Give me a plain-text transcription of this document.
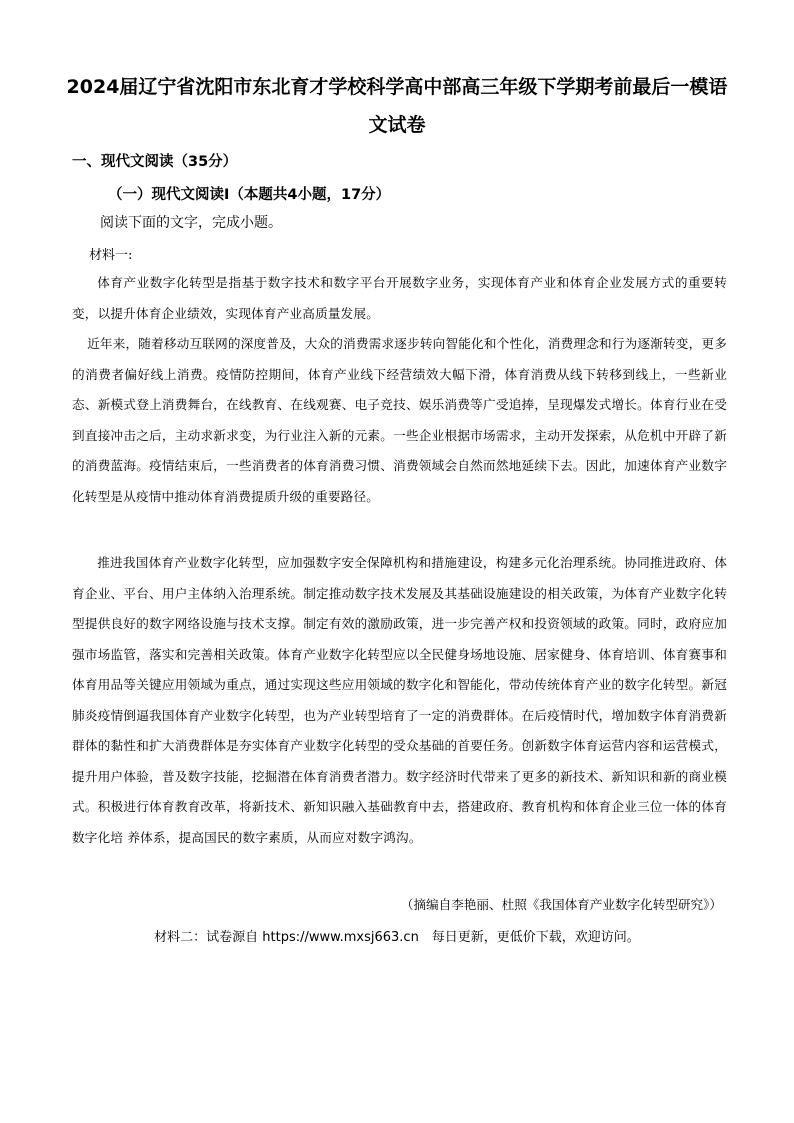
2024届辽宁省沈阳市东北育才学校科学高中部高三年级下学期考前最后一模语文试卷

一、现代文阅读（35分）

（一）现代文阅读Ⅰ（本题共4小题，17分）

阅读下面的文字，完成小题。

材料一:

体育产业数字化转型是指基于数字技术和数字平台开展数字业务，实现体育产业和体育企业发展方式的重要转变，以提升体育企业绩效，实现体育产业高质量发展。

近年来，随着移动互联网的深度普及，大众的消费需求逐步转向智能化和个性化，消费理念和行为逐渐转变，更多的消费者偏好线上消费。疫情防控期间，体育产业线下经营绩效大幅下滑，体育消费从线下转移到线上，一些新业态、新模式登上消费舞台，在线教育、在线观赛、电子竞技、娱乐消费等广受追捧，呈现爆发式增长。体育行业在受到直接冲击之后，主动求新求变，为行业注入新的元素。一些企业根据市场需求，主动开发探索，从危机中开辟了新的消费蓝海。疫情结束后，一些消费者的体育消费习惯、消费领域会自然而然地延续下去。因此，加速体育产业数字化转型是从疫情中推动体育消费提质升级的重要路径。

推进我国体育产业数字化转型，应加强数字安全保障机构和措施建设，构建多元化治理系统。协同推进政府、体育企业、平台、用户主体纳入治理系统。制定推动数字技术发展及其基础设施建设的相关政策，为体育产业数字化转型提供良好的数字网络设施与技术支撑。制定有效的激励政策，进一步完善产权和投资领域的政策。同时，政府应加强市场监管，落实和完善相关政策。体育产业数字化转型应以全民健身场地设施、居家健身、体育培训、体育赛事和体育用品等关键应用领域为重点，通过实现这些应用领域的数字化和智能化，带动传统体育产业的数字化转型。新冠肺炎疫情倒逼我国体育产业数字化转型，也为产业转型培育了一定的消费群体。在后疫情时代，增加数字体育消费新群体的黏性和扩大消费群体是夯实体育产业数字化转型的受众基础的首要任务。创新数字体育运营内容和运营模式，提升用户体验，普及数字技能，挖掘潜在体育消费者潜力。数字经济时代带来了更多的新技术、新知识和新的商业模式。积极进行体育教育改革，将新技术、新知识融入基础教育中去，搭建政府、教育机构和体育企业三位一体的体育数字化培 养体系，提高国民的数字素质，从而应对数字鸿沟。

（摘编自李艳丽、杜照《我国体育产业数字化转型研究》）

材料二：试卷源自 https://www.mxsj663.cn　每日更新，更低价下载，欢迎访问。
